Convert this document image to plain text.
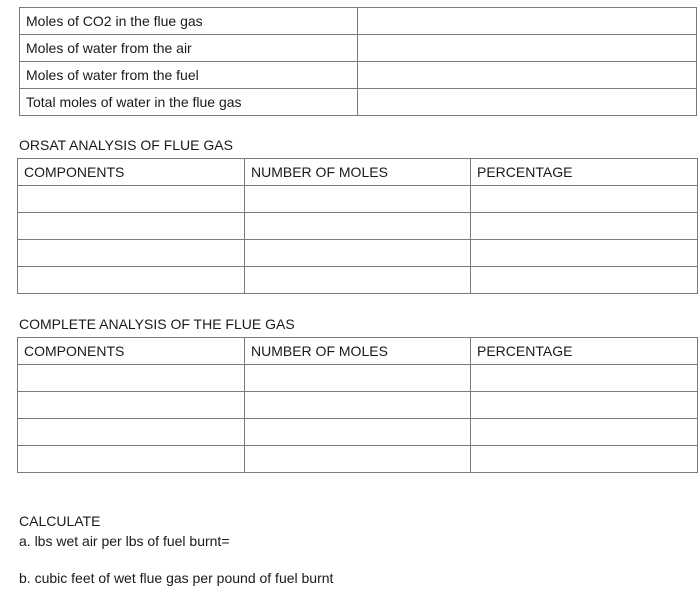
Moles of CO2 in the flue gas	
Moles of water from the air	
Moles of water from the fuel	
Total moles of water in the flue gas	
ORSAT ANALYSIS OF FLUE GAS
COMPONENTS	NUMBER OF MOLES	PERCENTAGE

COMPLETE ANALYSIS OF THE FLUE GAS
COMPONENTS	NUMBER OF MOLES	PERCENTAGE

CALCULATE
a. lbs wet air per lbs of fuel burnt=
b. cubic feet of wet flue gas per pound of fuel burnt
